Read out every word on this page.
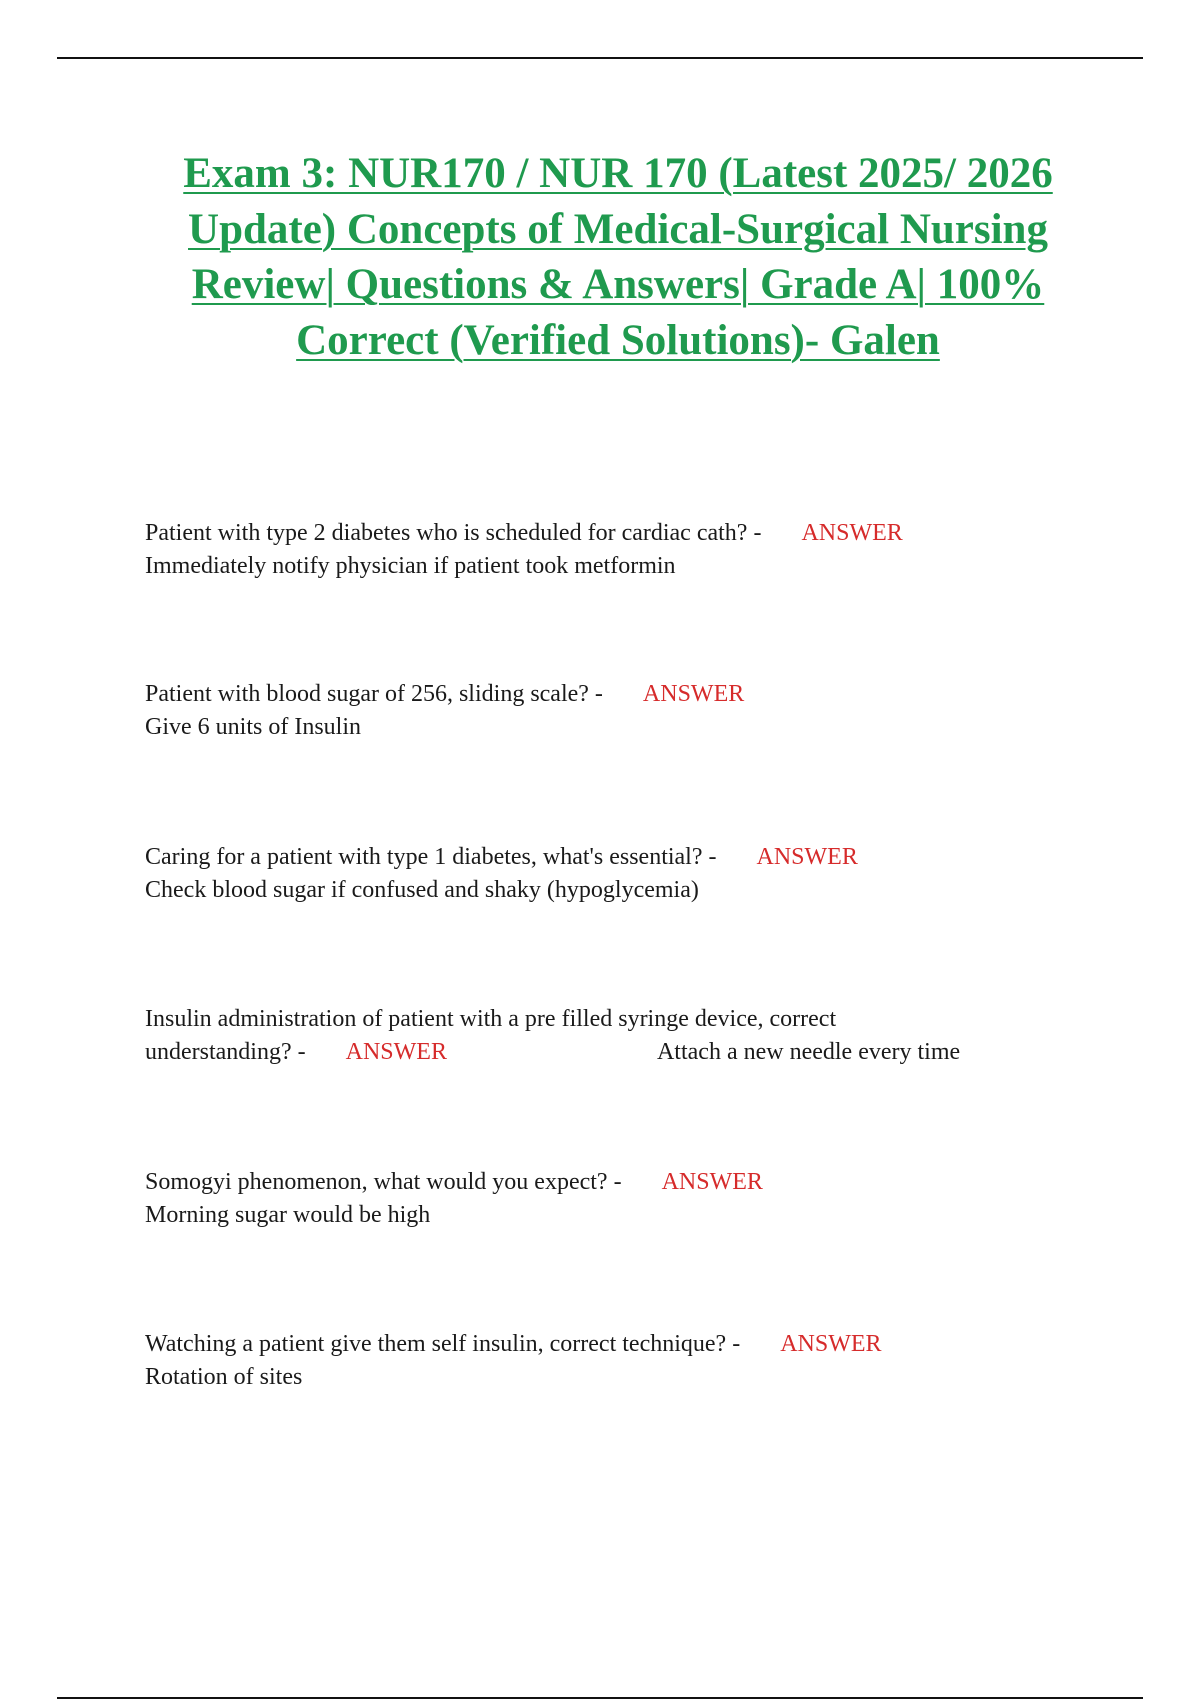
Exam 3: NUR170 / NUR 170 (Latest 2025/ 2026 Update) Concepts of Medical-Surgical Nursing Review| Questions & Answers| Grade A| 100% Correct (Verified Solutions)- Galen
Patient with type 2 diabetes who is scheduled for cardiac cath? - ANSWER
Immediately notify physician if patient took metformin
Patient with blood sugar of 256, sliding scale? - ANSWER
Give 6 units of Insulin
Caring for a patient with type 1 diabetes, what's essential? - ANSWER
Check blood sugar if confused and shaky (hypoglycemia)
Insulin administration of patient with a pre filled syringe device, correct
understanding? - ANSWER	Attach a new needle every time
Somogyi phenomenon, what would you expect? - ANSWER
Morning sugar would be high
Watching a patient give them self insulin, correct technique? - ANSWER
Rotation of sites
